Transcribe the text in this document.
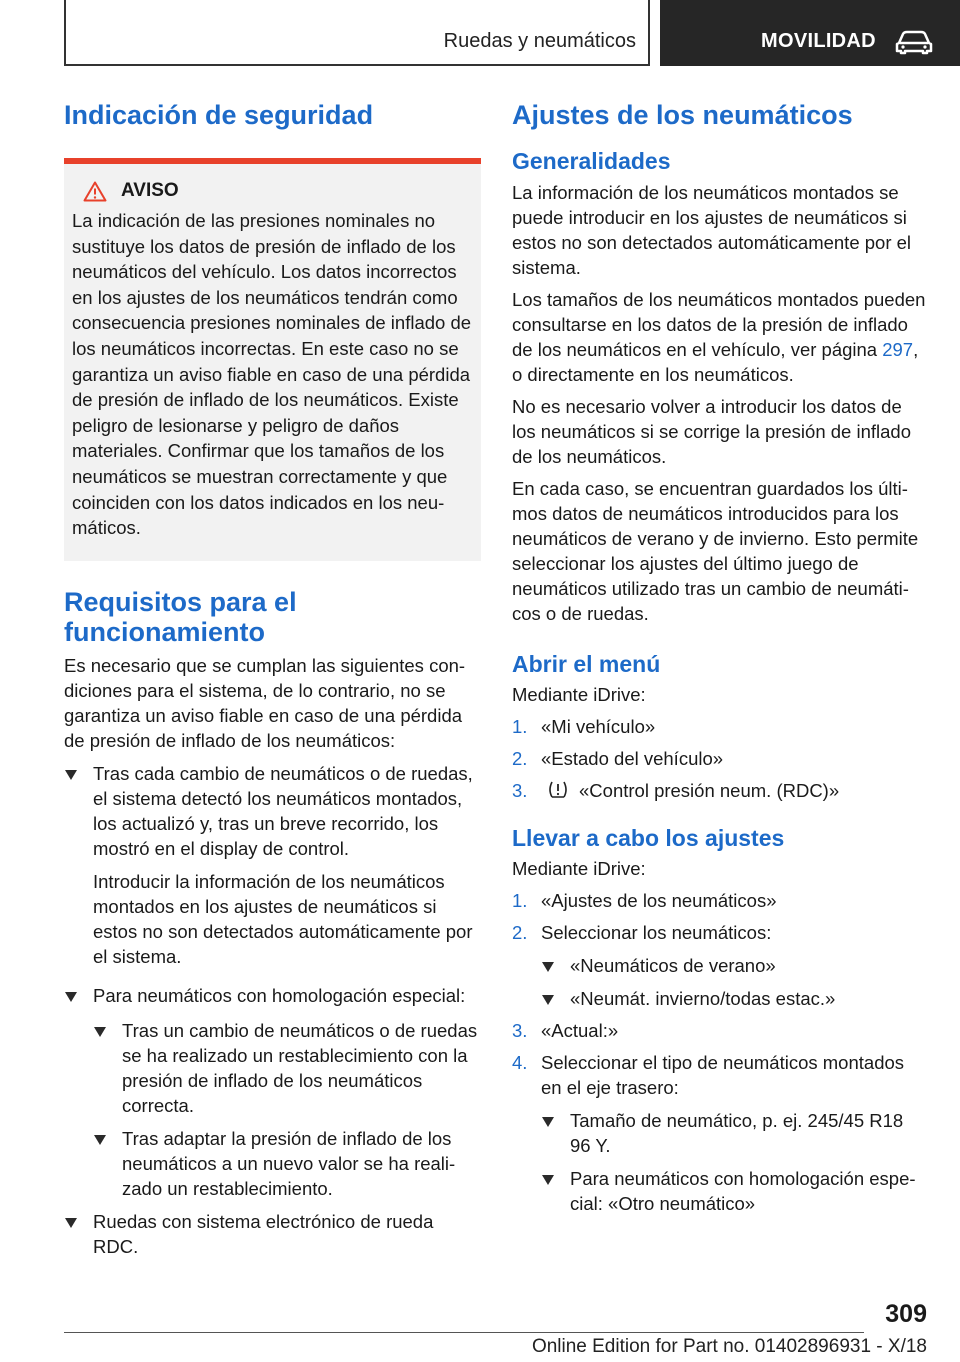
Ruedas y neumáticos	MOVILIDAD
Indicación de seguridad
AVISO

La indicación de las presiones nominales no sustituye los datos de presión de inflado de los neumáticos del vehículo. Los datos incorrectos en los ajustes de los neumáticos tendrán como consecuencia presiones nominales de inflado de los neumáticos incorrectas. En este caso no se garantiza un aviso fiable en caso de una pérdida de presión de inflado de los neumáticos. Existe peligro de lesionarse y peligro de daños materiales. Confirmar que los tamaños de los neumáticos se muestran correctamente y que coinciden con los datos indicados en los neumáticos.

Requisitos para el funcionamiento

Es necesario que se cumplan las siguientes condiciones para el sistema, de lo contrario, no se garantiza un aviso fiable en caso de una pérdida de presión de inflado de los neumáticos:

Tras cada cambio de neumáticos o de ruedas, el sistema detectó los neumáticos montados, los actualizó y, tras un breve recorrido, los mostró en el display de control.

Introducir la información de los neumáticos montados en los ajustes de neumáticos si estos no son detectados automáticamente por el sistema.

Para neumáticos con homologación especial:
Tras un cambio de neumáticos o de ruedas se ha realizado un restablecimiento con la presión de inflado de los neumáticos correcta.
Tras adaptar la presión de inflado de los neumáticos a un nuevo valor se ha realizado un restablecimiento.
Ruedas con sistema electrónico de rueda RDC.
Ajustes de los neumáticos
Generalidades

La información de los neumáticos montados se puede introducir en los ajustes de neumáticos si estos no son detectados automáticamente por el sistema.

Los tamaños de los neumáticos montados pueden consultarse en los datos de la presión de inflado de los neumáticos en el vehículo, ver página 297, o directamente en los neumáticos.

No es necesario volver a introducir los datos de los neumáticos si se corrige la presión de inflado de los neumáticos.

En cada caso, se encuentran guardados los últimos datos de neumáticos introducidos para los neumáticos de verano y de invierno. Esto permite seleccionar los ajustes del último juego de neumáticos utilizado tras un cambio de neumáticos o de ruedas.

Abrir el menú

Mediante iDrive:

1. «Mi vehículo»
2. «Estado del vehículo»
3.	«Control presión neum. (RDC)»
Llevar a cabo los ajustes

Mediante iDrive:

1. «Ajustes de los neumáticos»
2. Seleccionar los neumáticos:
«Neumáticos de verano»
«Neumát. invierno/todas estac.»
3. «Actual:»
4. Seleccionar el tipo de neumáticos montados en el eje trasero:
Tamaño de neumático, p. ej. 245/45 R18 96 Y.
Para neumáticos con homologación especial: «Otro neumático»
309
Online Edition for Part no. 01402896931 - X/18
